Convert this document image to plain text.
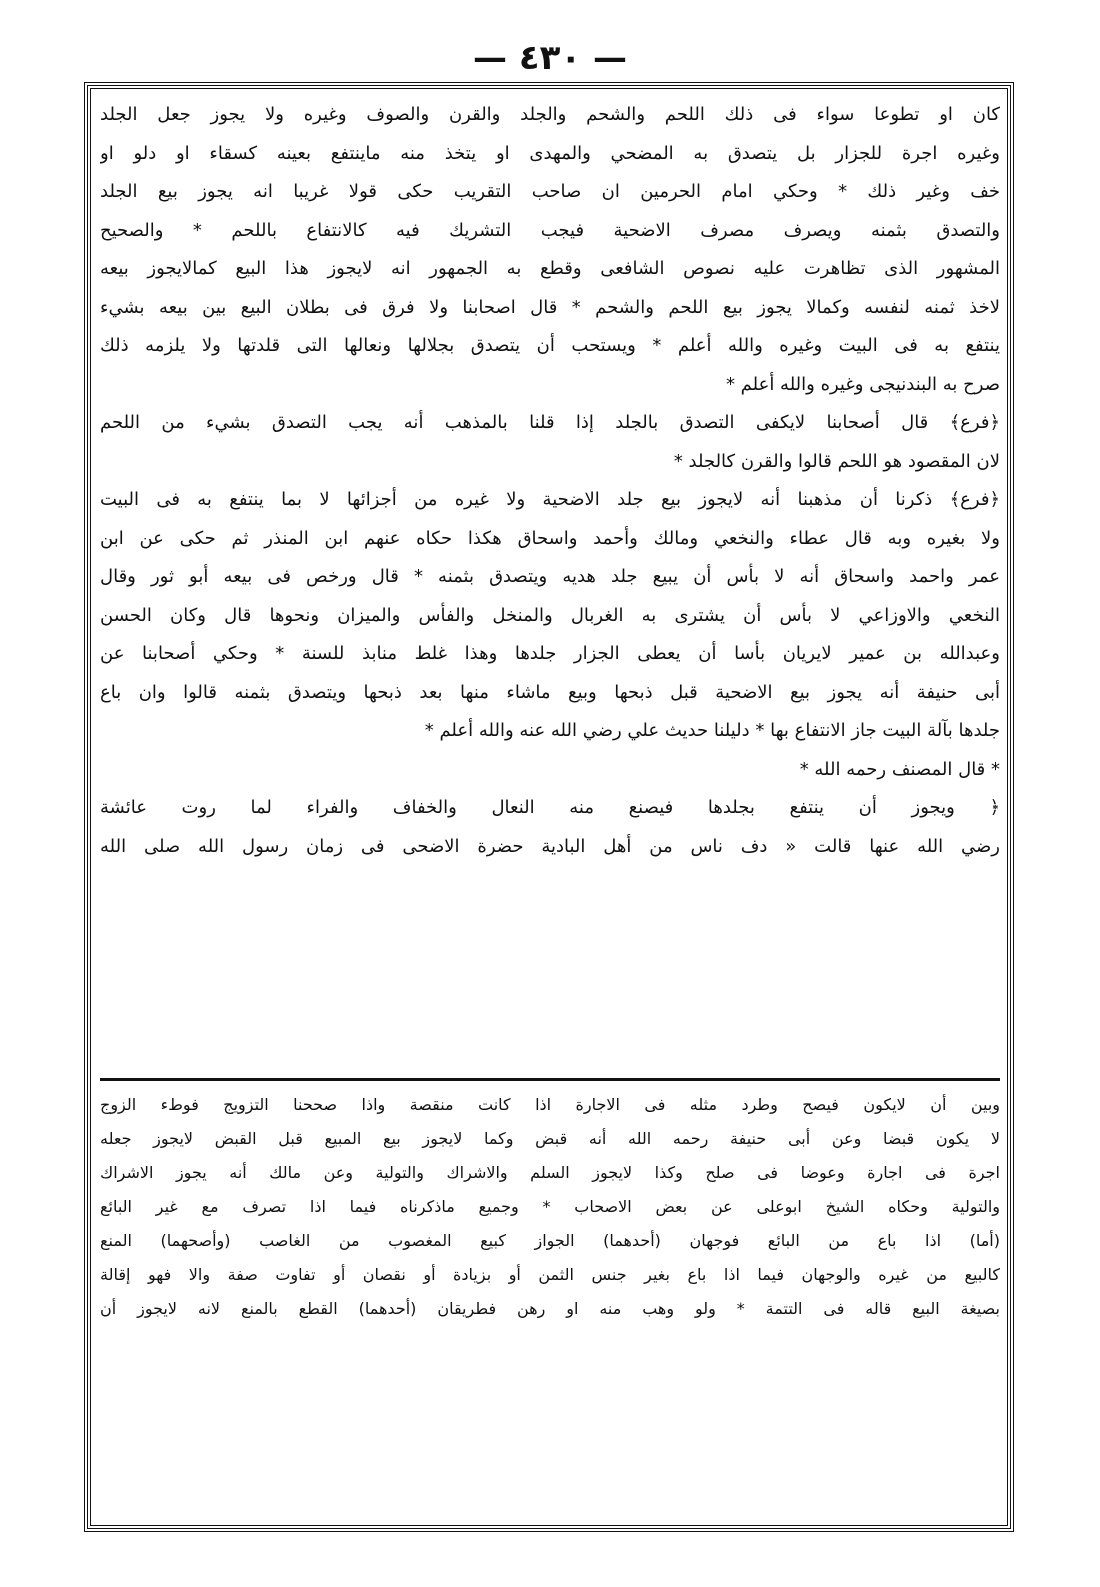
— ٤٣٠ —
كان او تطوعا سواء فى ذلك اللحم والشحم والجلد والقرن والصوف وغيره ولا يجوز جعل الجلد
وغيره اجرة للجزار بل يتصدق به المضحي والمهدى او يتخذ منه ماينتفع بعينه كسقاء او دلو او
خف وغير ذلك * وحكي امام الحرمين ان صاحب التقريب حكى قولا غريبا انه يجوز بيع الجلد
والتصدق بثمنه ويصرف مصرف الاضحية فيجب التشريك فيه كالانتفاع باللحم * والصحيح
المشهور الذى تظاهرت عليه نصوص الشافعى وقطع به الجمهور انه لايجوز هذا البيع كمالايجوز بيعه
لاخذ ثمنه لنفسه وكمالا يجوز بيع اللحم والشحم * قال اصحابنا ولا فرق فى بطلان البيع بين بيعه بشيء
ينتفع به فى البيت وغيره والله أعلم * ويستحب أن يتصدق بجلالها ونعالها التى قلدتها ولا يلزمه ذلك
صرح به البندنيجى وغيره والله أعلم *
﴿فرع﴾ قال أصحابنا لايكفى التصدق بالجلد إذا قلنا بالمذهب أنه يجب التصدق بشيء من اللحم
لان المقصود هو اللحم قالوا والقرن كالجلد *
﴿فرع﴾ ذكرنا أن مذهبنا أنه لايجوز بيع جلد الاضحية ولا غيره من أجزائها لا بما ينتفع به فى البيت
ولا بغيره وبه قال عطاء والنخعي ومالك وأحمد واسحاق هكذا حكاه عنهم ابن المنذر ثم حكى عن ابن
عمر واحمد واسحاق أنه لا بأس أن يبيع جلد هديه ويتصدق بثمنه * قال ورخص فى بيعه أبو ثور وقال
النخعي والاوزاعي لا بأس أن يشترى به الغربال والمنخل والفأس والميزان ونحوها قال وكان الحسن
وعبدالله بن عمير لايريان بأسا أن يعطى الجزار جلدها وهذا غلط منابذ للسنة * وحكي أصحابنا عن
أبى حنيفة أنه يجوز بيع الاضحية قبل ذبحها وبيع ماشاء منها بعد ذبحها ويتصدق بثمنه قالوا وان باع
جلدها بآلة البيت جاز الانتفاع بها * دليلنا حديث علي رضي الله عنه والله أعلم *
* قال المصنف رحمه الله *
﴿ ويجوز أن ينتفع بجلدها فيصنع منه النعال والخفاف والفراء لما روت عائشة
رضي الله عنها قالت « دف ناس من أهل البادية حضرة الاضحى فى زمان رسول الله صلى الله
وبين أن لايكون فيصح وطرد مثله فى الاجارة اذا كانت منقصة واذا صححنا التزويج فوطء الزوج
لا يكون قبضا وعن أبى حنيفة رحمه الله أنه قبض وكما لايجوز بيع المبيع قبل القبض لايجوز جعله
اجرة فى اجارة وعوضا فى صلح وكذا لايجوز السلم والاشراك والتولية وعن مالك أنه يجوز الاشراك
والتولية وحكاه الشيخ ابوعلى عن بعض الاصحاب * وجميع ماذكرناه فيما اذا تصرف مع غير البائع
(أما) اذا باع من البائع فوجهان (أحدهما) الجواز كبيع المغصوب من الغاصب (وأصحهما) المنع
كالبيع من غيره والوجهان فيما اذا باع بغير جنس الثمن أو بزيادة أو نقصان أو تفاوت صفة والا فهو إقالة
بصيغة البيع قاله فى التتمة * ولو وهب منه او رهن فطريقان (أحدهما) القطع بالمنع لانه لايجوز أن
